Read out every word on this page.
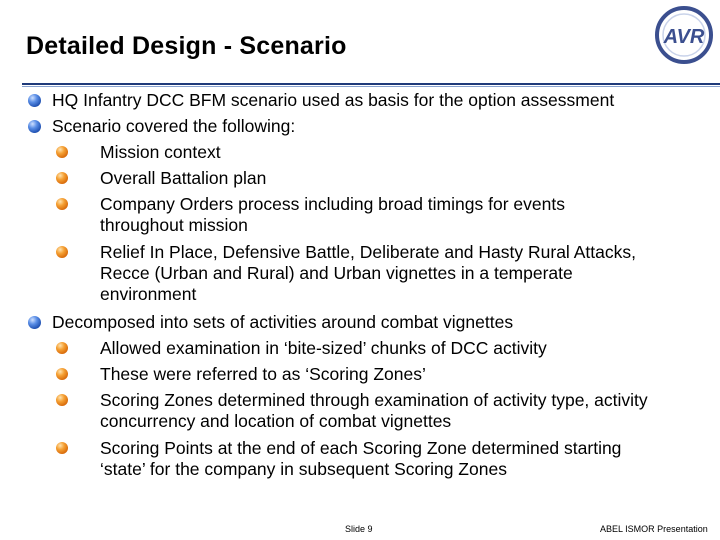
Detailed Design - Scenario	AVR
HQ Infantry DCC BFM scenario used as basis for the option assessment
Scenario covered the following:
Mission context
Overall Battalion plan
Company Orders process including broad timings for events
throughout mission
Relief In Place, Defensive Battle, Deliberate and Hasty Rural Attacks,
Recce (Urban and Rural) and Urban vignettes in a temperate
environment
Decomposed into sets of activities around combat vignettes
Allowed examination in ‘bite-sized’ chunks of DCC activity
These were referred to as ‘Scoring Zones’
Scoring Zones determined through examination of activity type, activity
concurrency and location of combat vignettes
Scoring Points at the end of each Scoring Zone determined starting
‘state’ for the company in subsequent Scoring Zones
Slide 9	ABEL ISMOR Presentation
